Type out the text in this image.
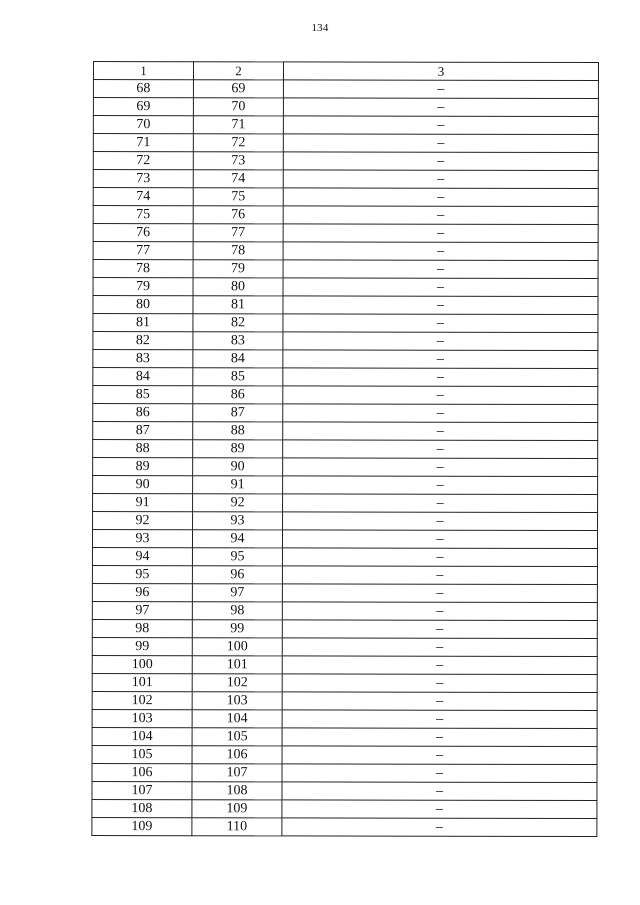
134
1	2	3
68	69	–
69	70	–
70	71	–
71	72	–
72	73	–
73	74	–
74	75	–
75	76	–
76	77	–
77	78	–
78	79	–
79	80	–
80	81	–
81	82	–
82	83	–
83	84	–
84	85	–
85	86	–
86	87	–
87	88	–
88	89	–
89	90	–
90	91	–
91	92	–
92	93	–
93	94	–
94	95	–
95	96	–
96	97	–
97	98	–
98	99	–
99	100	–
100	101	–
101	102	–
102	103	–
103	104	–
104	105	–
105	106	–
106	107	–
107	108	–
108	109	–
109	110	–
